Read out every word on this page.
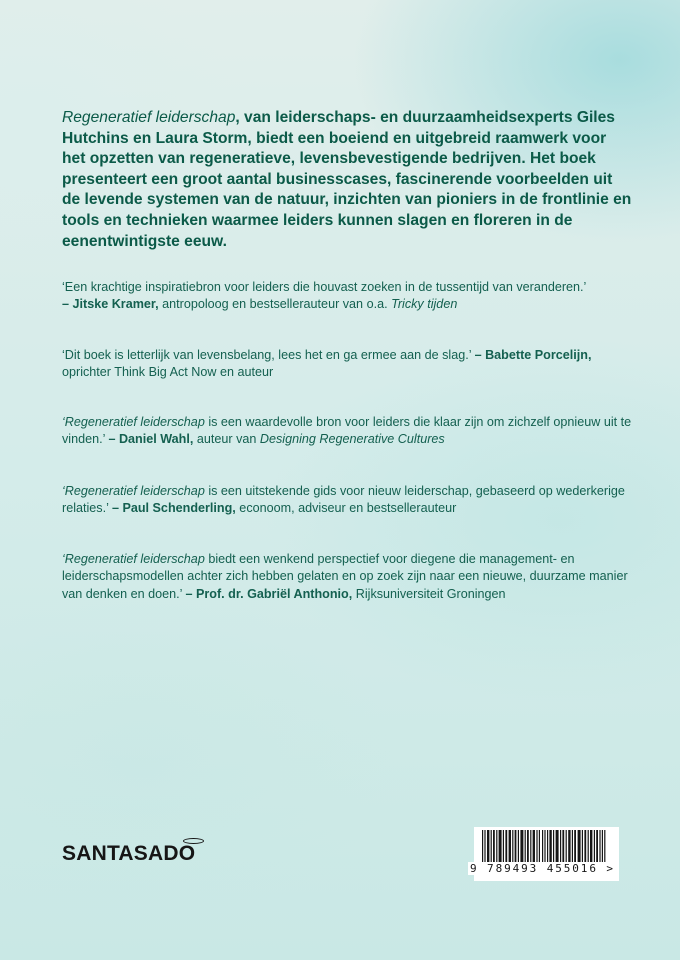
Regeneratief leiderschap, van leiderschaps- en duurzaamheidsexperts Giles Hutchins en Laura Storm, biedt een boeiend en uitgebreid raamwerk voor het opzetten van regeneratieve, levensbevestigende bedrijven. Het boek presenteert een groot aantal businesscases, fascinerende voorbeelden uit de levende systemen van de natuur, inzichten van pioniers in de frontlinie en tools en technieken waarmee leiders kunnen slagen en floreren in de eenentwintigste eeuw.

‘Een krachtige inspiratiebron voor leiders die houvast zoeken in de tussentijd van veranderen.’
– Jitske Kramer, antropoloog en bestsellerauteur van o.a. Tricky tijden

‘Dit boek is letterlijk van levensbelang, lees het en ga ermee aan de slag.’ – Babette Porcelijn, oprichter Think Big Act Now en auteur

‘Regeneratief leiderschap is een waardevolle bron voor leiders die klaar zijn om zichzelf opnieuw uit te vinden.’ – Daniel Wahl, auteur van Designing Regenerative Cultures

‘Regeneratief leiderschap is een uitstekende gids voor nieuw leiderschap, gebaseerd op wederkerige relaties.’ – Paul Schenderling, econoom, adviseur en bestsellerauteur

‘Regeneratief leiderschap biedt een wenkend perspectief voor diegene die management- en leiderschapsmodellen achter zich hebben gelaten en op zoek zijn naar een nieuwe, duurzame manier van denken en doen.’ – Prof. dr. Gabriël Anthonio, Rijksuniversiteit Groningen

SANTASADO
9 789493 455016 >
